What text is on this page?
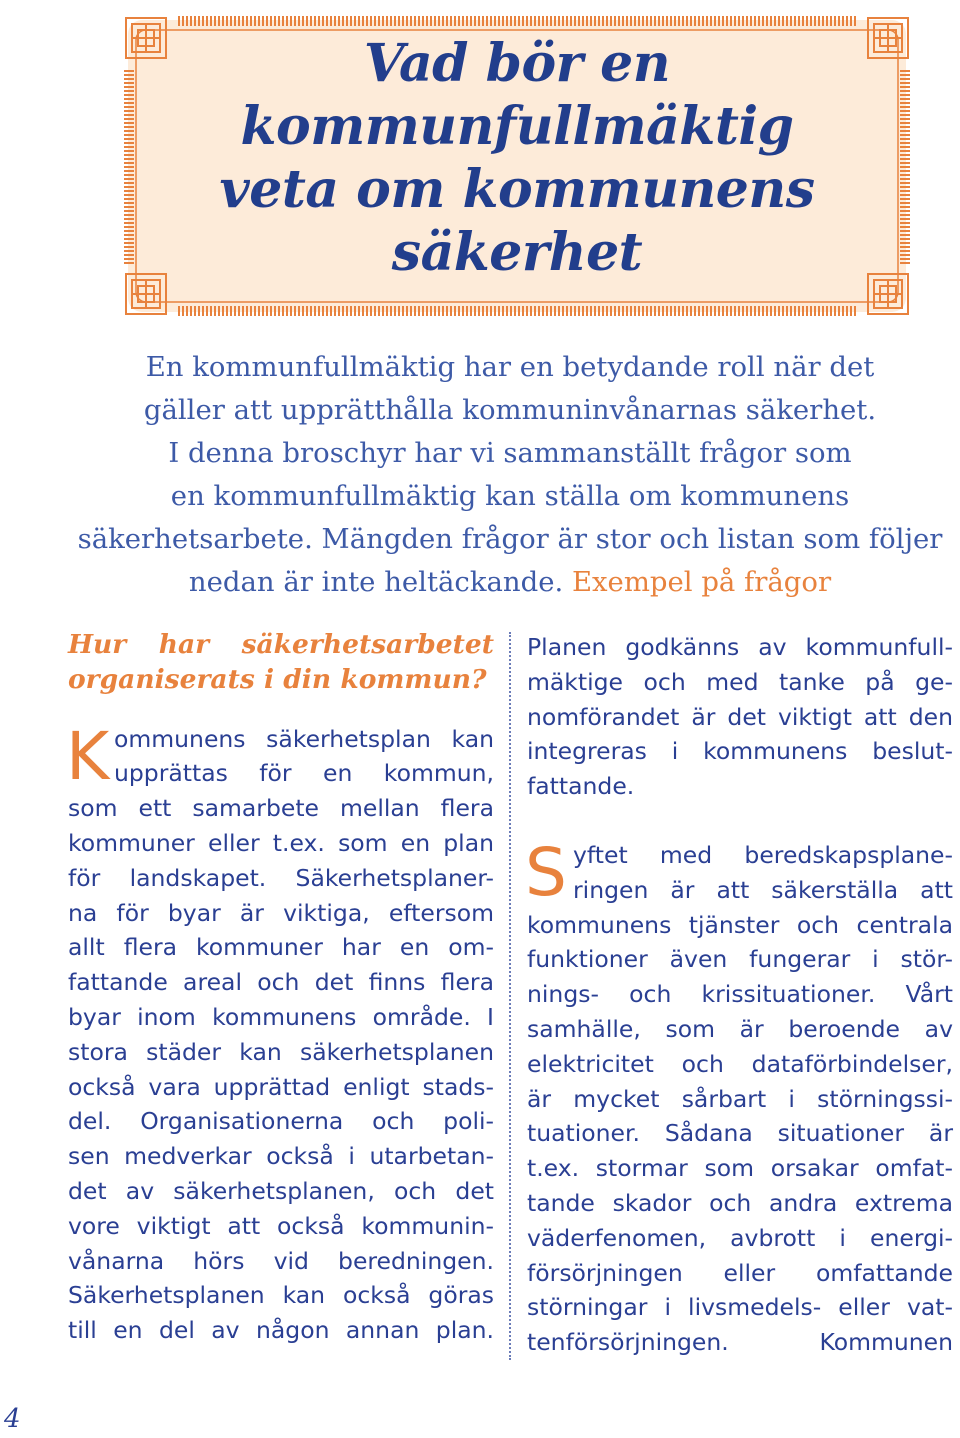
Vad bör en
kommunfullmäktig
veta om kommunens
säkerhet

En kommunfullmäktig har en betydande roll när det
gäller att upprätthålla kommuninvånarnas säkerhet.
I denna broschyr har vi sammanställt frågor som
en kommunfullmäktig kan ställa om kommunens
säkerhetsarbete. Mängden frågor är stor och listan som följer
nedan är inte heltäckande. Exempel på frågor

Hur har säkerhetsarbetet
organiserats i din kommun?
K ommunens säkerhetsplan kan
upprättas för en kommun,
som ett samarbete mellan flera
kommuner eller t.ex. som en plan
för landskapet. Säkerhetsplaner-
na för byar är viktiga, eftersom
allt flera kommuner har en om-
fattande areal och det finns flera
byar inom kommunens område. I
stora städer kan säkerhetsplanen
också vara upprättad enligt stads-
del. Organisationerna och poli-
sen medverkar också i utarbetan-
det av säkerhetsplanen, och det
vore viktigt att också kommunin-
vånarna hörs vid beredningen.
Säkerhetsplanen kan också göras
till en del av någon annan plan.
Planen godkänns av kommunfull-
mäktige och med tanke på ge-
nomförandet är det viktigt att den
integreras i kommunens beslut-
fattande.
S yftet med beredskapsplane-
ringen är att säkerställa att
kommunens tjänster och centrala
funktioner även fungerar i stör-
nings- och krissituationer. Vårt
samhälle, som är beroende av
elektricitet och dataförbindelser,
är mycket sårbart i störningssi-
tuationer. Sådana situationer är
t.ex. stormar som orsakar omfat-
tande skador och andra extrema
väderfenomen, avbrott i energi-
försörjningen eller omfattande
störningar i livsmedels- eller vat-
tenförsörjningen. Kommunen
4
